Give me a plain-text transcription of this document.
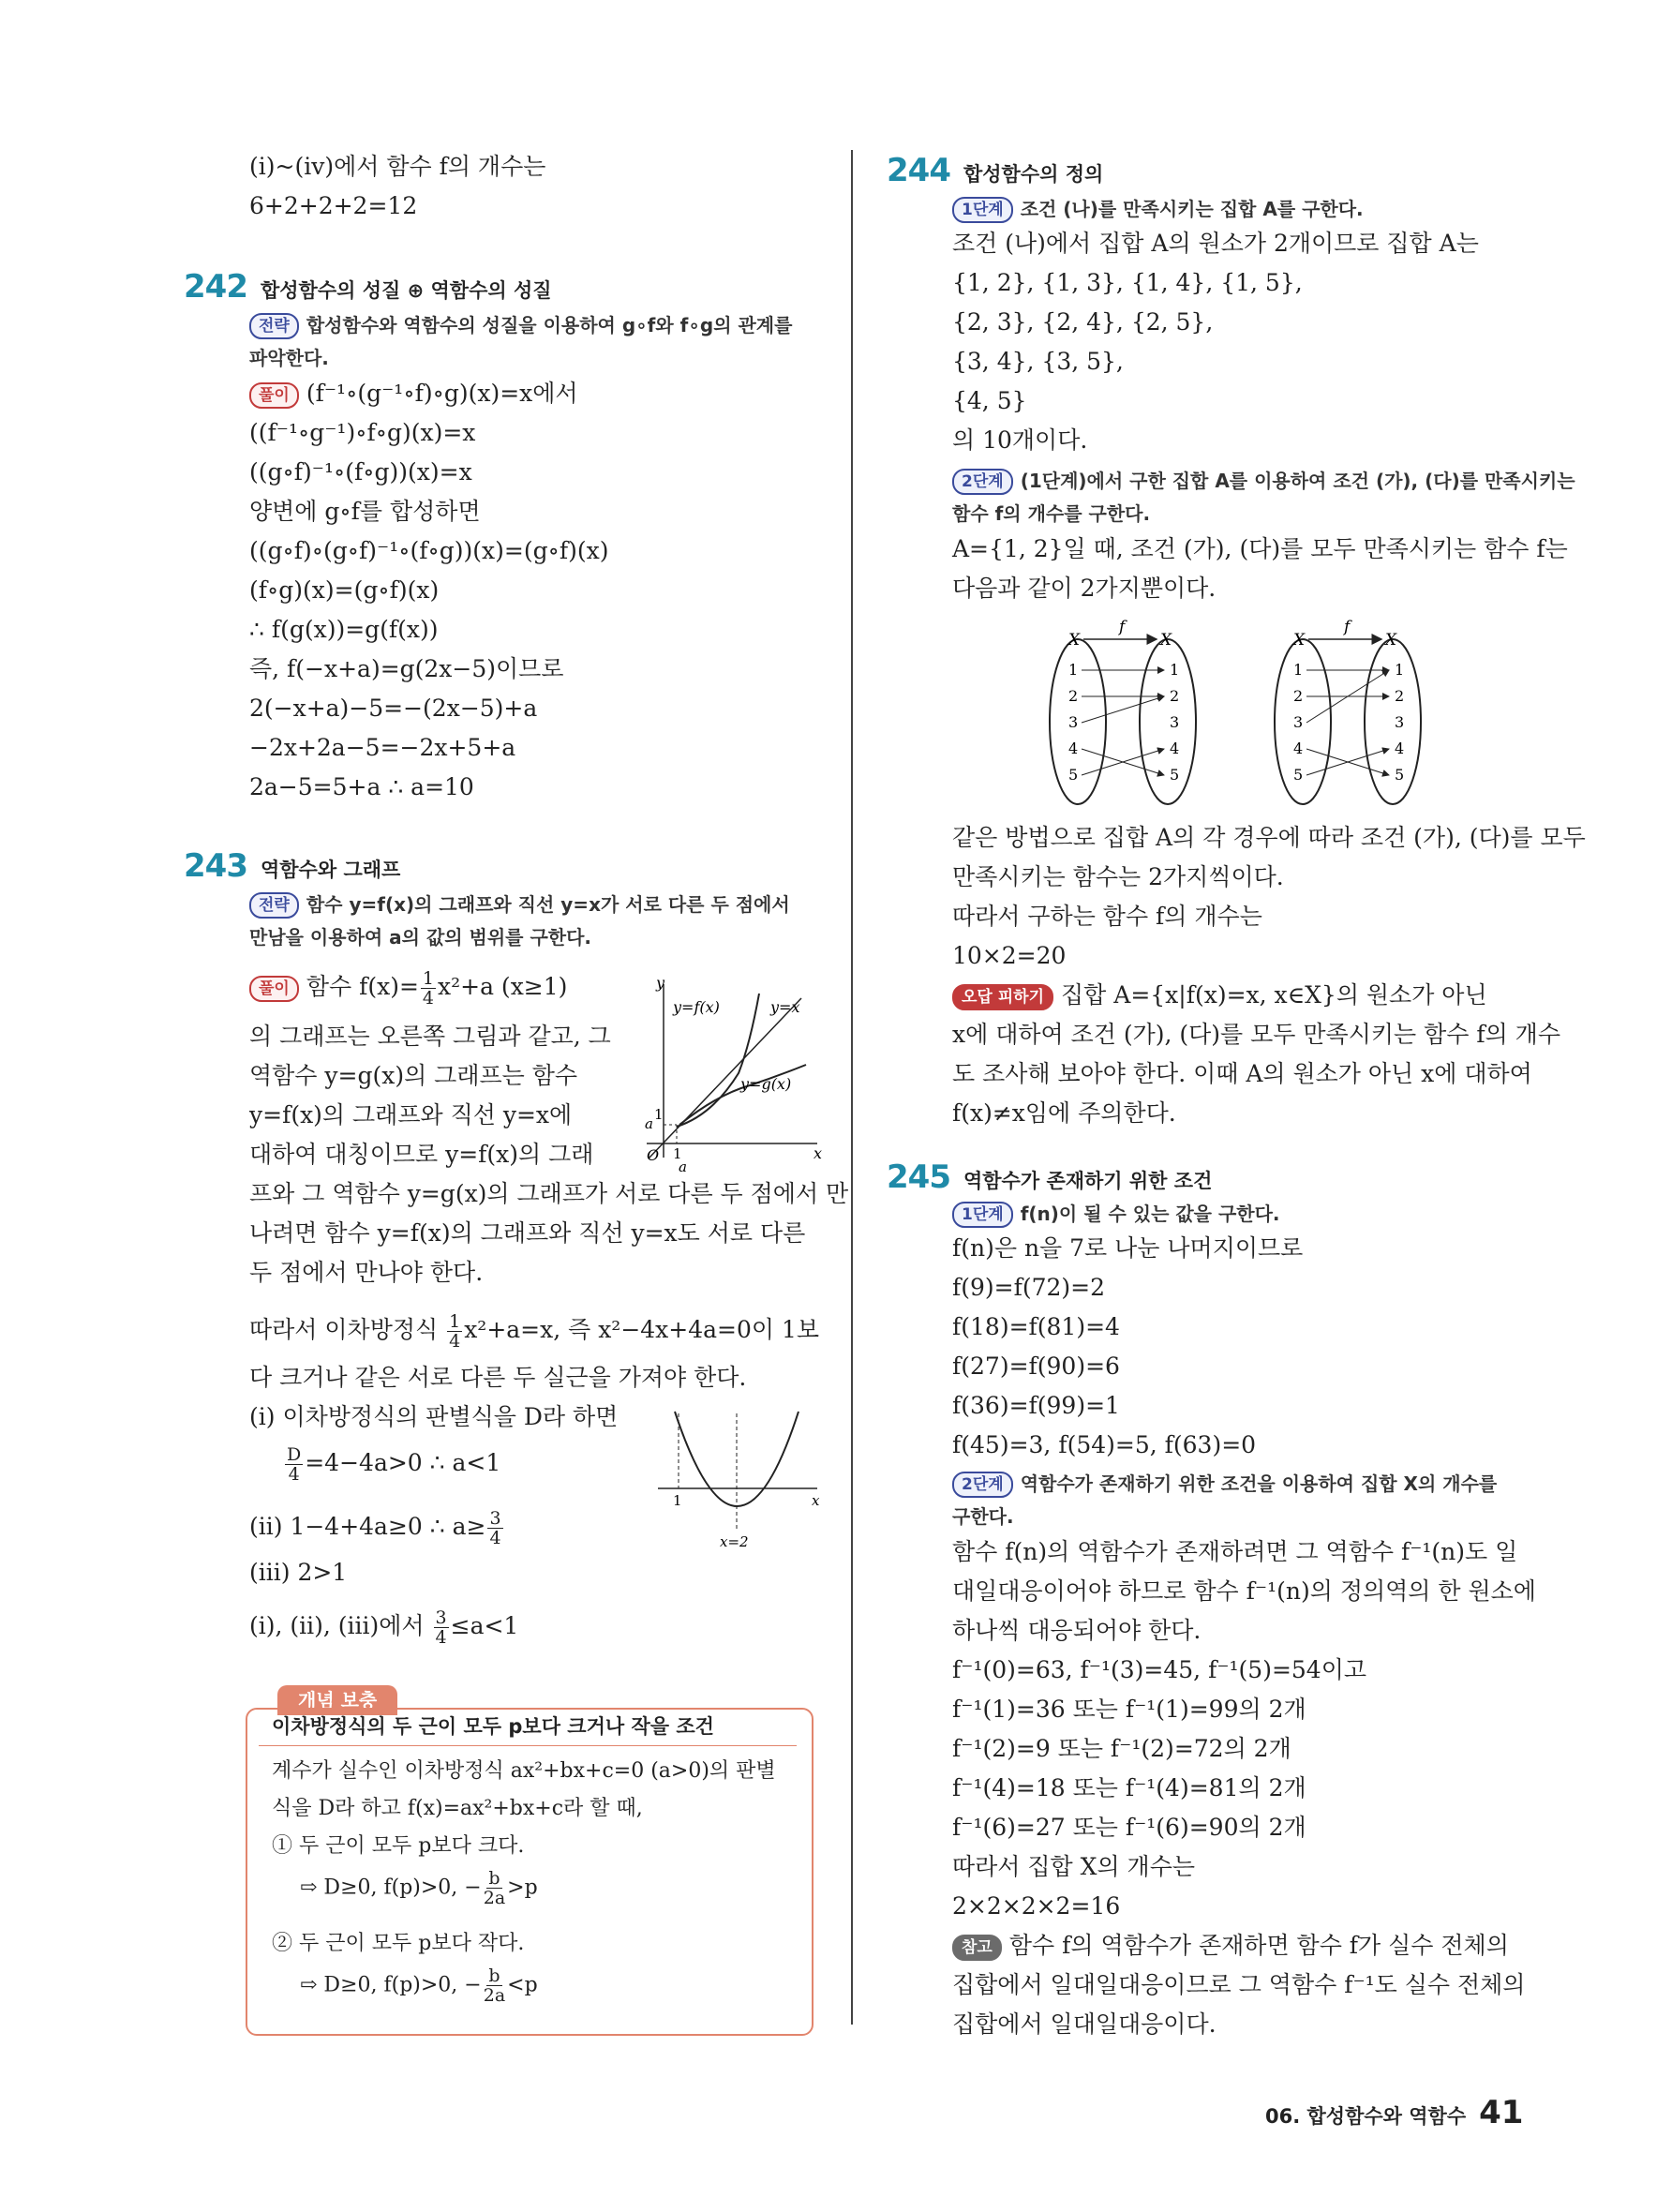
(ⅰ)~(ⅳ)에서 함수 f의 개수는
6+2+2+2=12
242 합성함수의 성질 ⊕ 역함수의 성질
전략 합성함수와 역함수의 성질을 이용하여 g∘f와 f∘g의 관계를
파악한다.
풀이 (f⁻¹∘(g⁻¹∘f)∘g)(x)=x에서
((f⁻¹∘g⁻¹)∘f∘g)(x)=x
((g∘f)⁻¹∘(f∘g))(x)=x
양변에 g∘f를 합성하면
((g∘f)∘(g∘f)⁻¹∘(f∘g))(x)=(g∘f)(x)
(f∘g)(x)=(g∘f)(x)
∴ f(g(x))=g(f(x))
즉, f(−x+a)=g(2x−5)이므로
2(−x+a)−5=−(2x−5)+a
−2x+2a−5=−2x+5+a
2a−5=5+a ∴ a=10
243 역함수와 그래프
전략 함수 y=f(x)의 그래프와 직선 y=x가 서로 다른 두 점에서
만남을 이용하여 a의 값의 범위를 구한다.
풀이 함수 $f(x)= \frac{1}{4} x^2+a$ (x≥1)
의 그래프는 오른쪽 그림과 같고, 그
역함수 y=g(x)의 그래프는 함수
y=f(x)의 그래프와 직선 y=x에
대하여 대칭이므로 y=f(x)의 그래
프와 그 역함수 y=g(x)의 그래프가 서로 다른 두 점에서 만
나려면 함수 y=f(x)의 그래프와 직선 y=x도 서로 다른
두 점에서 만나야 한다.
따라서 이차방정식 $\frac{1}{4} x^2+a=x$, 즉 x²−4x+4a=0이 1보
다 크거나 같은 서로 다른 두 실근을 가져야 한다.
(ⅰ) 이차방정식의 판별식을 D라 하면
$\frac{D}{4} =4-4a>0$ ∴ a<1
(ⅱ) 1−4+4a≥0 ∴ $a\ge \frac{3}{4}$
(ⅲ) 2>1
(ⅰ), (ⅱ), (ⅲ)에서 $\frac{3}{4} \le a<1$
y
x
O
y=f(x)	y=x
y=g(x)
1
a
a
1
x
1
x=2
개념 보충
이차방정식의 두 근이 모두 p보다 크거나 작을 조건
계수가 실수인 이차방정식 ax²+bx+c=0 (a>0)의 판별
식을 D라 하고 f(x)=ax²+bx+c라 할 때,
① 두 근이 모두 p보다 크다.
⇨ D≥0, f(p)>0, − $\frac{b}{2a} >p$
② 두 근이 모두 p보다 작다.
⇨ D≥0, f(p)>0, − $\frac{b}{2a} <p$
244 합성함수의 정의
1단계 조건 (나)를 만족시키는 집합 A를 구한다.
조건 (나)에서 집합 A의 원소가 2개이므로 집합 A는
{1, 2}, {1, 3}, {1, 4}, {1, 5},
{2, 3}, {2, 4}, {2, 5},
{3, 4}, {3, 5},
{4, 5}
의 10개이다.
2단계 (1단계)에서 구한 집합 A를 이용하여 조건 (가), (다)를 만족시키는
함수 f의 개수를 구한다.
A={1, 2}일 때, 조건 (가), (다)를 모두 만족시키는 함수 f는
다음과 같이 2가지뿐이다.
X	X
f
1
2
3
4
5
1
2
3
4
5
X	X
f
1
2
3
4
5
1
2
3
4
5
같은 방법으로 집합 A의 각 경우에 따라 조건 (가), (다)를 모두
만족시키는 함수는 2가지씩이다.
따라서 구하는 함수 f의 개수는
10×2=20
오답 피하기 집합 A={x|f(x)=x, x∈X}의 원소가 아닌
x에 대하여 조건 (가), (다)를 모두 만족시키는 함수 f의 개수
도 조사해 보아야 한다. 이때 A의 원소가 아닌 x에 대하여
f(x)≠x임에 주의한다.
245 역함수가 존재하기 위한 조건
1단계 f(n)이 될 수 있는 값을 구한다.
f(n)은 n을 7로 나눈 나머지이므로
f(9)=f(72)=2
f(18)=f(81)=4
f(27)=f(90)=6
f(36)=f(99)=1
f(45)=3, f(54)=5, f(63)=0
2단계 역함수가 존재하기 위한 조건을 이용하여 집합 X의 개수를
구한다.
함수 f(n)의 역함수가 존재하려면 그 역함수 f⁻¹(n)도 일
대일대응이어야 하므로 함수 f⁻¹(n)의 정의역의 한 원소에
하나씩 대응되어야 한다.
f⁻¹(0)=63, f⁻¹(3)=45, f⁻¹(5)=54이고
f⁻¹(1)=36 또는 f⁻¹(1)=99의 2개
f⁻¹(2)=9 또는 f⁻¹(2)=72의 2개
f⁻¹(4)=18 또는 f⁻¹(4)=81의 2개
f⁻¹(6)=27 또는 f⁻¹(6)=90의 2개
따라서 집합 X의 개수는
2×2×2×2=16
참고 함수 f의 역함수가 존재하면 함수 f가 실수 전체의
집합에서 일대일대응이므로 그 역함수 f⁻¹도 실수 전체의
집합에서 일대일대응이다.
06. 합성함수와 역함수 41
